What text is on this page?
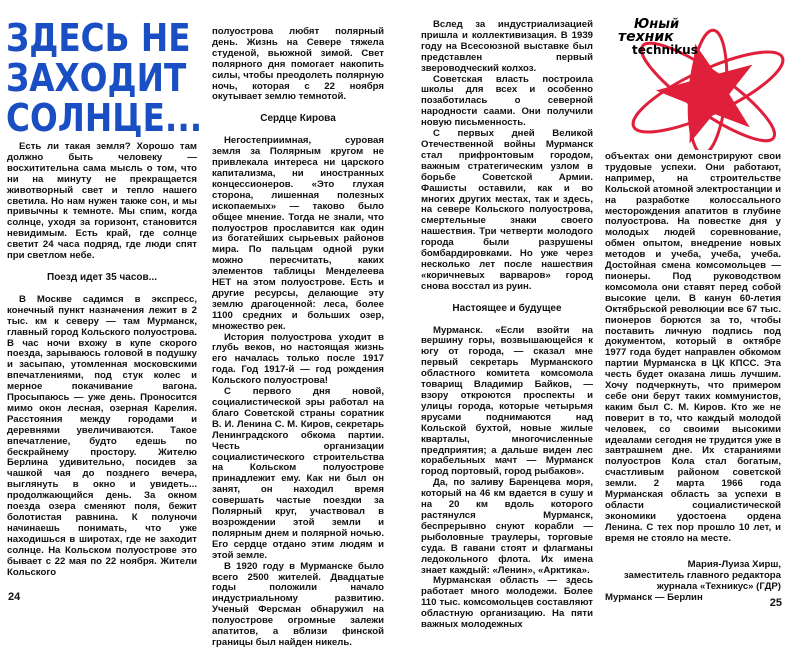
ЗДЕСЬ НЕ
ЗАХОДИТ
СОЛНЦЕ...

Есть ли такая земля? Хорошо там должно быть человеку — восхитительна сама мысль о том, что ни на минуту не прекращается животворный свет и тепло нашего светила. Но нам нужен также сон, и мы привычны к темноте. Мы спим, когда солнце, уходя за горизонт, становится невидимым. Есть край, где солнце светит 24 часа подряд, где люди спят при светлом небе.

Поезд идет 35 часов...

В Москве садимся в экспресс, конечный пункт назначения лежит в 2 тыс. км к северу — там Мурманск, главный город Кольского полуострова. В час ночи вхожу в купе скорого поезда, зарываюсь головой в подушку и засыпаю, утомленная московскими впечатлениями, под стук колес и мерное покачивание вагона. Просыпаюсь — уже день. Проносится мимо окон лесная, озерная Карелия. Расстояния между городами и деревнями увеличиваются. Такое впечатление, будто едешь по бескрайнему простору. Жителю Берлина удивительно, посидев за чашкой чая до позднего вечера, выглянуть в окно и увидеть... продолжающийся день. За окном поезда озера сменяют поля, бежит болотистая равнина. К полуночи начинаешь понимать, что уже находишься в широтах, где не заходит солнце. На Кольском полуострове это бывает с 22 мая по 22 ноября. Жители Кольского

полуострова любят полярный день. Жизнь на Севере тяжела студеной, вьюжной зимой. Свет полярного дня помогает накопить силы, чтобы преодолеть полярную ночь, которая с 22 ноября окутывает землю темнотой.

Сердце Кирова

Негостеприимная, суровая земля за Полярным кругом не привлекала интереса ни царского капитализма, ни иностранных концессионеров. «Это глухая сторона, лишенная полезных ископаемых» — таково было общее мнение. Тогда не знали, что полуостров прославится как один из богатейших сырьевых районов мира. По пальцам одной руки можно пересчитать, каких элементов таблицы Менделеева НЕТ на этом полуострове. Есть и другие ресурсы, делающие эту землю драгоценной: леса, более 1100 средних и больших озер, множество рек.

История полуострова уходит в глубь веков, но настоящая жизнь его началась только после 1917 года. Год 1917-й — год рождения Кольского полуострова!

С первого дня новой, социалистической эры работал на благо Советской страны соратник В. И. Ленина С. М. Киров, секретарь Ленинградского обкома партии. Честь организации социалистического строительства на Кольском полуострове принадлежит ему. Как ни был он занят, он находил время совершать частые поездки за Полярный круг, участвовал в возрождении этой земли и полярным днем и полярной ночью. Его сердце отдано этим людям и этой земле.

В 1920 году в Мурманске было всего 2500 жителей. Двадцатые годы положили начало индустриальному развитию. Ученый Ферсман обнаружил на полуострове огромные залежи апатитов, а вблизи финской границы был найден никель.

Вслед за индустриализацией пришла и коллективизация. В 1939 году на Всесоюзной выставке был представлен первый звероводческий колхоз.

Советская власть построила школы для всех и особенно позаботилась о северной народности саами. Они получили новую письменность.

С первых дней Великой Отечественной войны Мурманск стал прифронтовым городом, важным стратегическим узлом в борьбе Советской Армии. Фашисты оставили, как и во многих других местах, так и здесь, на севере Кольского полуострова, смертельные знаки своего нашествия. Три четверти молодого города были разрушены бомбардировками. Но уже через несколько лет после нашествия «коричневых варваров» город снова восстал из руин.

Настоящее и будущее

Мурманск. «Если взойти на вершину горы, возвышающейся к югу от города, — сказал мне первый секретарь Мурманского областного комитета комсомола товарищ Владимир Байков, — взору откроются проспекты и улицы города, которые четырьмя ярусами поднимаются над Кольской бухтой, новые жилые кварталы, многочисленные предприятия; а дальше виден лес корабельных мачт — Мурманск город портовый, город рыбаков».

Да, по заливу Баренцева моря, который на 46 км вдается в сушу и на 20 км вдоль которого растянулся Мурманск, беспрерывно снуют корабли — рыболовные траулеры, торговые суда. В гавани стоят и флагманы ледокольного флота. Их имена знает каждый: «Ленин», «Арктика».

Мурманская область — здесь работает много молодежи. Более 110 тыс. комсомольцев составляют областную организацию. На пяти важных молодежных

Юный
техник
technikus

объектах они демонстрируют свои трудовые успехи. Они работают, например, на строительстве Кольской атомной электростанции и на разработке колоссального месторождения апатитов в глубине полуострова. На повестке дня у молодых людей соревнование, обмен опытом, внедрение новых методов и учеба, учеба, учеба. Достойная смена комсомольцев — пионеры. Под руководством комсомола они ставят перед собой высокие цели. В канун 60-летия Октябрьской революции все 67 тыс. пионеров борются за то, чтобы поставить личную подпись под документом, который в октябре 1977 года будет направлен обкомом партии Мурманска в ЦК КПСС. Эта честь будет оказана лишь лучшим. Хочу подчеркнуть, что примером себе они берут таких коммунистов, каким был С. М. Киров. Кто же не поверит в то, что каждый молодой человек, со своими высокими идеалами сегодня не трудится уже в завтрашнем дне. Их стараниями полуостров Кола стал богатым, счастливым районом советской земли. 2 марта 1966 года Мурманская область за успехи в области социалистической экономики удостоена ордена Ленина. С тех пор прошло 10 лет, и время не стояло на месте.

Мария-Луиза Хирш,
заместитель главного редактора
журнала «Техникус» (ГДР)
Мурманск — Берлин
24	25
